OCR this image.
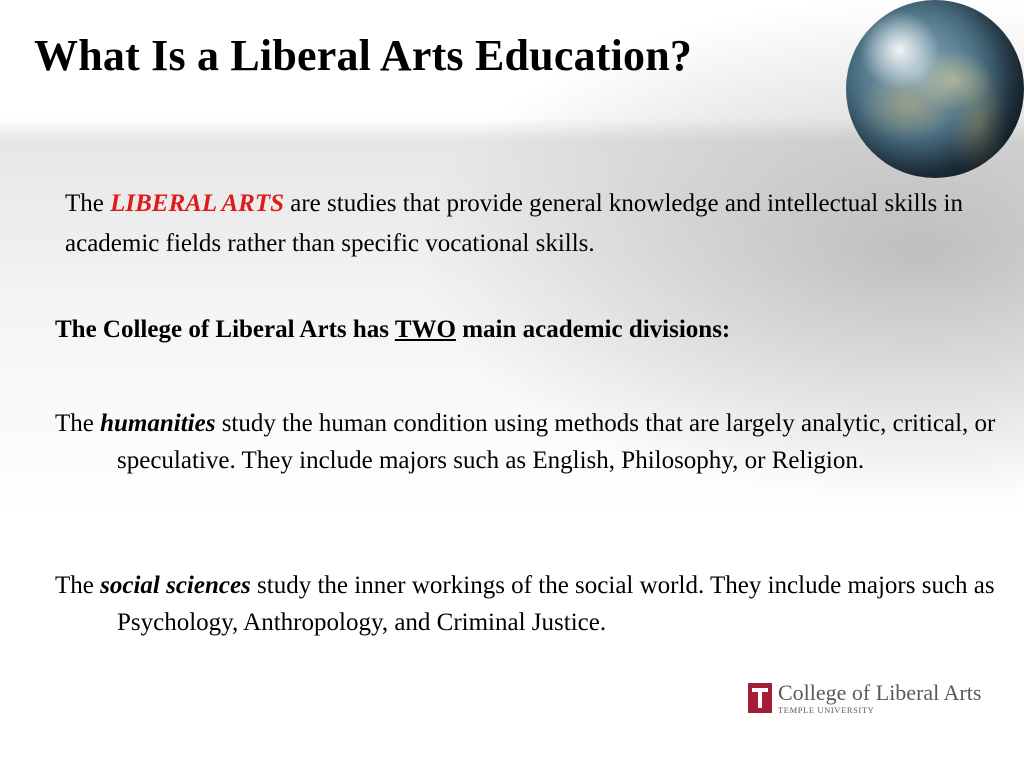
What Is a Liberal Arts Education?

The LIBERAL ARTS are studies that provide general knowledge and intellectual skills in academic fields rather than specific vocational skills.

The College of Liberal Arts has TWO main academic divisions:

The humanities study the human condition using methods that are largely analytic, critical, or speculative. They include majors such as English, Philosophy, or Religion.

The social sciences study the inner workings of the social world. They include majors such as Psychology, Anthropology, and Criminal Justice.

College of Liberal Arts
TEMPLE UNIVERSITY
